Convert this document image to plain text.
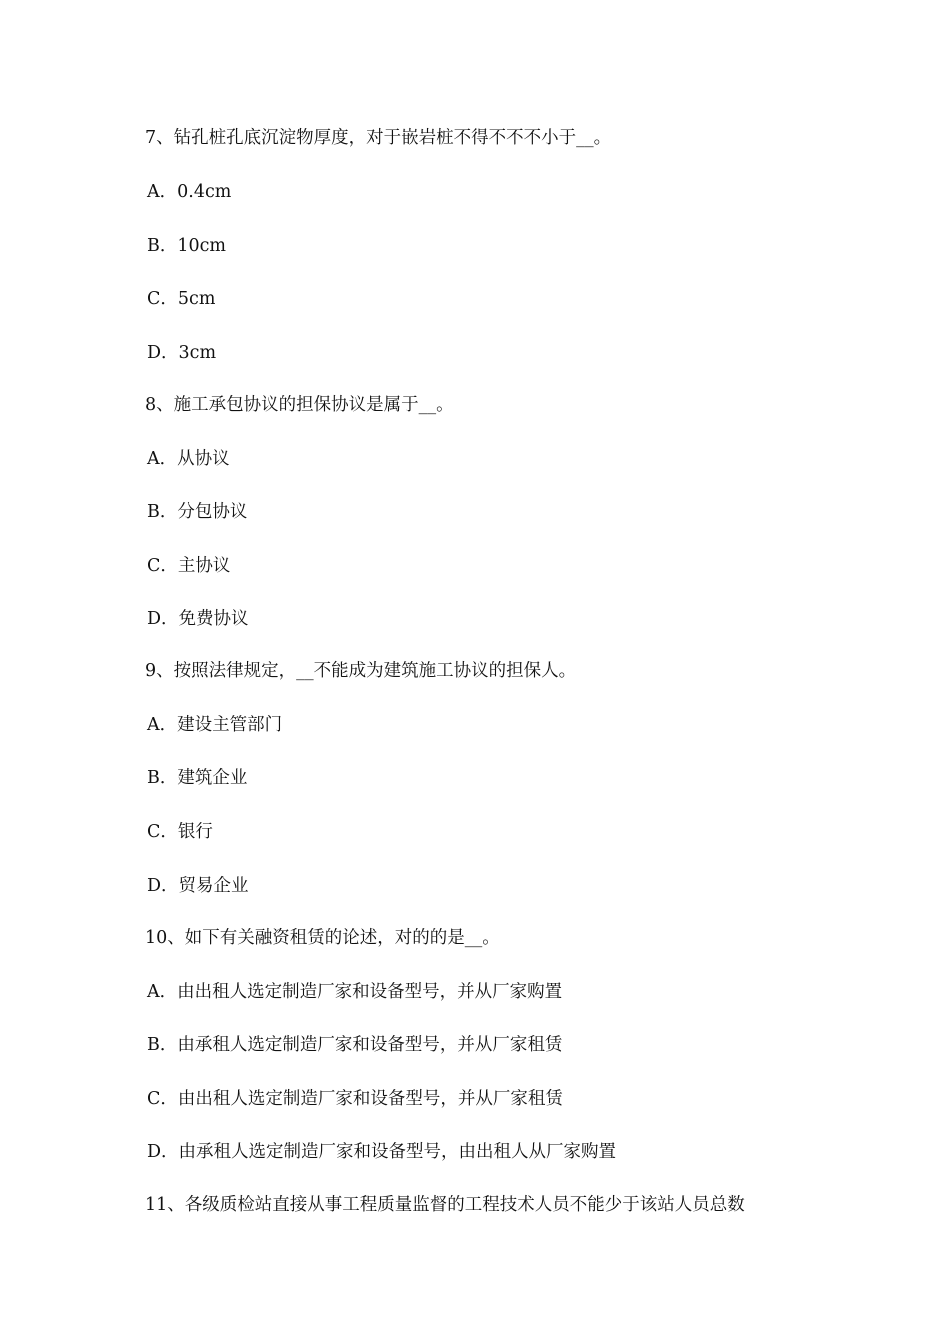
7、钻孔桩孔底沉淀物厚度，对于嵌岩桩不得不不不小于__。
A．0.4cm
B．10cm
C．5cm
D．3cm
8、施工承包协议的担保协议是属于__。
A．从协议
B．分包协议
C．主协议
D．免费协议
9、按照法律规定，__不能成为建筑施工协议的担保人。
A．建设主管部门
B．建筑企业
C．银行
D．贸易企业
10、如下有关融资租赁的论述，对的的是__。
A．由出租人选定制造厂家和设备型号，并从厂家购置
B．由承租人选定制造厂家和设备型号，并从厂家租赁
C．由出租人选定制造厂家和设备型号，并从厂家租赁
D．由承租人选定制造厂家和设备型号，由出租人从厂家购置
11、各级质检站直接从事工程质量监督的工程技术人员不能少于该站人员总数
